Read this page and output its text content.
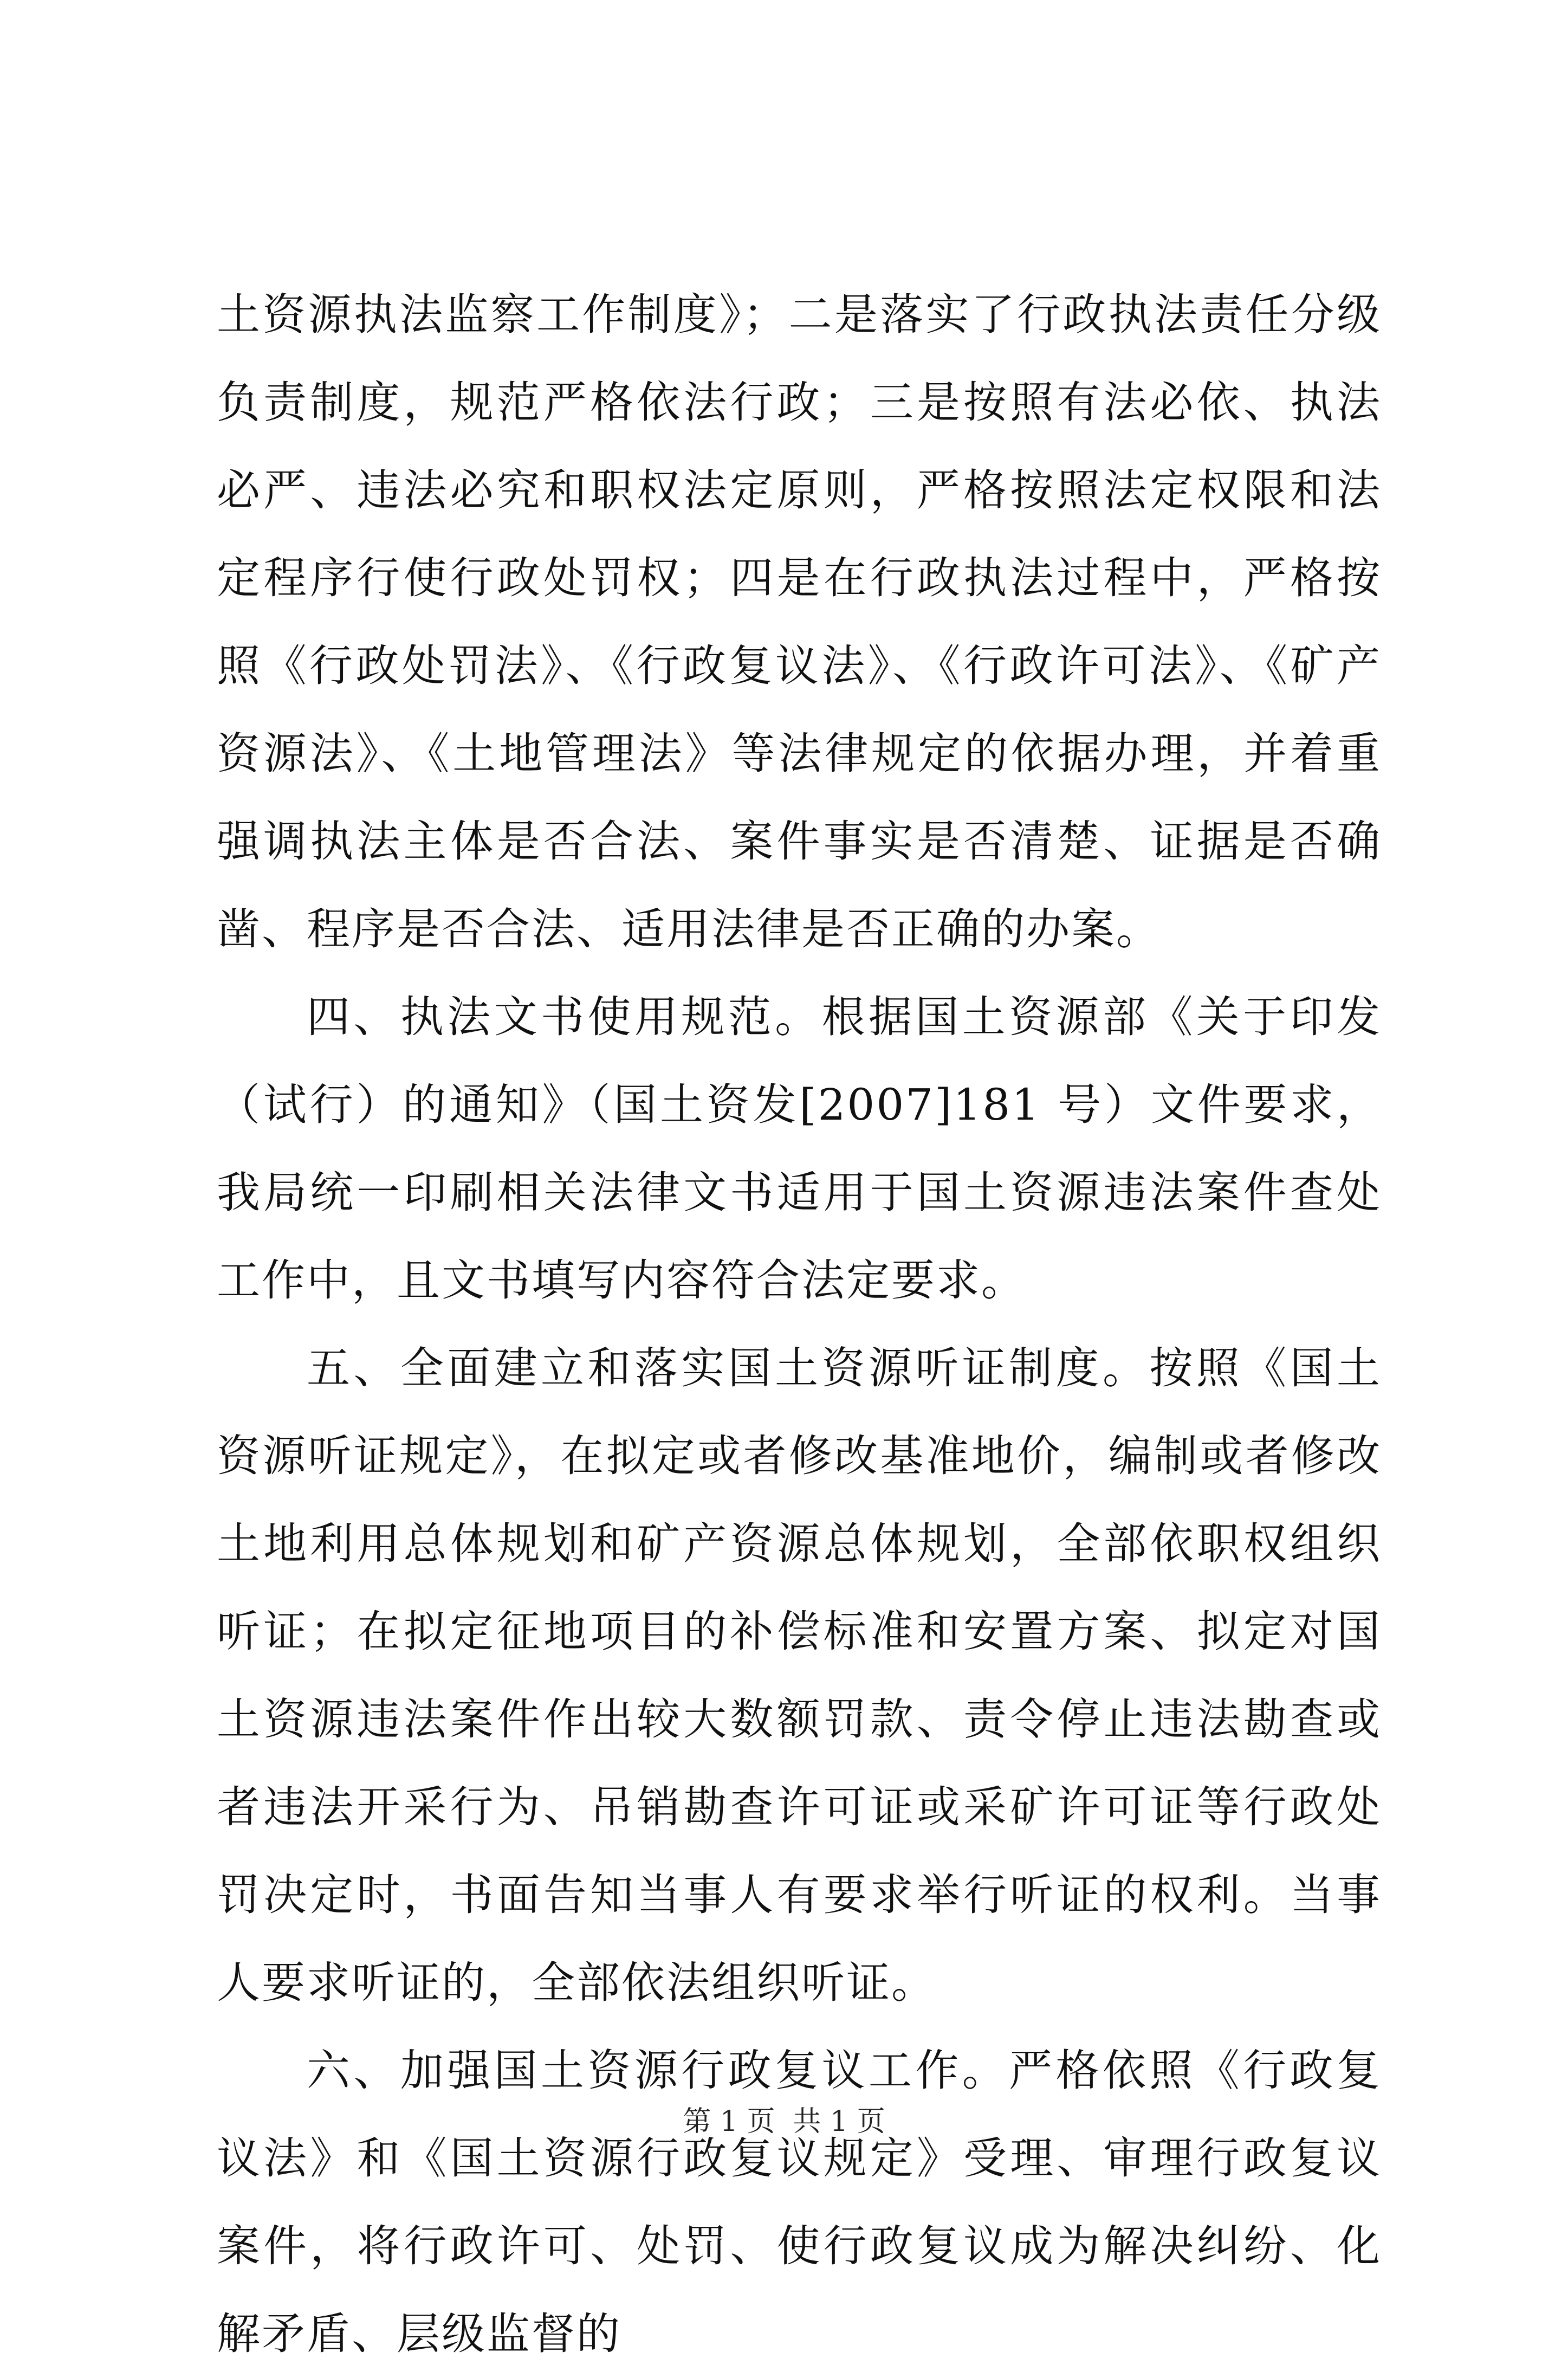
土资源执法监察工作制度》；二是落实了行政执法责任分级负责制度，规范严格依法行政；三是按照有法必依、执法必严、违法必究和职权法定原则，严格按照法定权限和法定程序行使行政处罚权；四是在行政执法过程中，严格按照《行政处罚法》、《行政复议法》、《行政许可法》、《矿产资源法》、《土地管理法》等法律规定的依据办理，并着重强调执法主体是否合法、案件事实是否清楚、证据是否确凿、程序是否合法、适用法律是否正确的办案。

四、执法文书使用规范。根据国土资源部《关于印发（试行）的通知》（国土资发[2007]181 号）文件要求，我局统一印刷相关法律文书适用于国土资源违法案件查处工作中，且文书填写内容符合法定要求。

五、全面建立和落实国土资源听证制度。按照《国土资源听证规定》，在拟定或者修改基准地价，编制或者修改土地利用总体规划和矿产资源总体规划，全部依职权组织听证；在拟定征地项目的补偿标准和安置方案、拟定对国土资源违法案件作出较大数额罚款、责令停止违法勘查或者违法开采行为、吊销勘查许可证或采矿许可证等行政处罚决定时，书面告知当事人有要求举行听证的权利。当事人要求听证的，全部依法组织听证。

六、加强国土资源行政复议工作。严格依照《行政复议法》和《国土资源行政复议规定》受理、审理行政复议案件，将行政许可、处罚、使行政复议成为解决纠纷、化解矛盾、层级监督的

第 1 页  共 1 页
